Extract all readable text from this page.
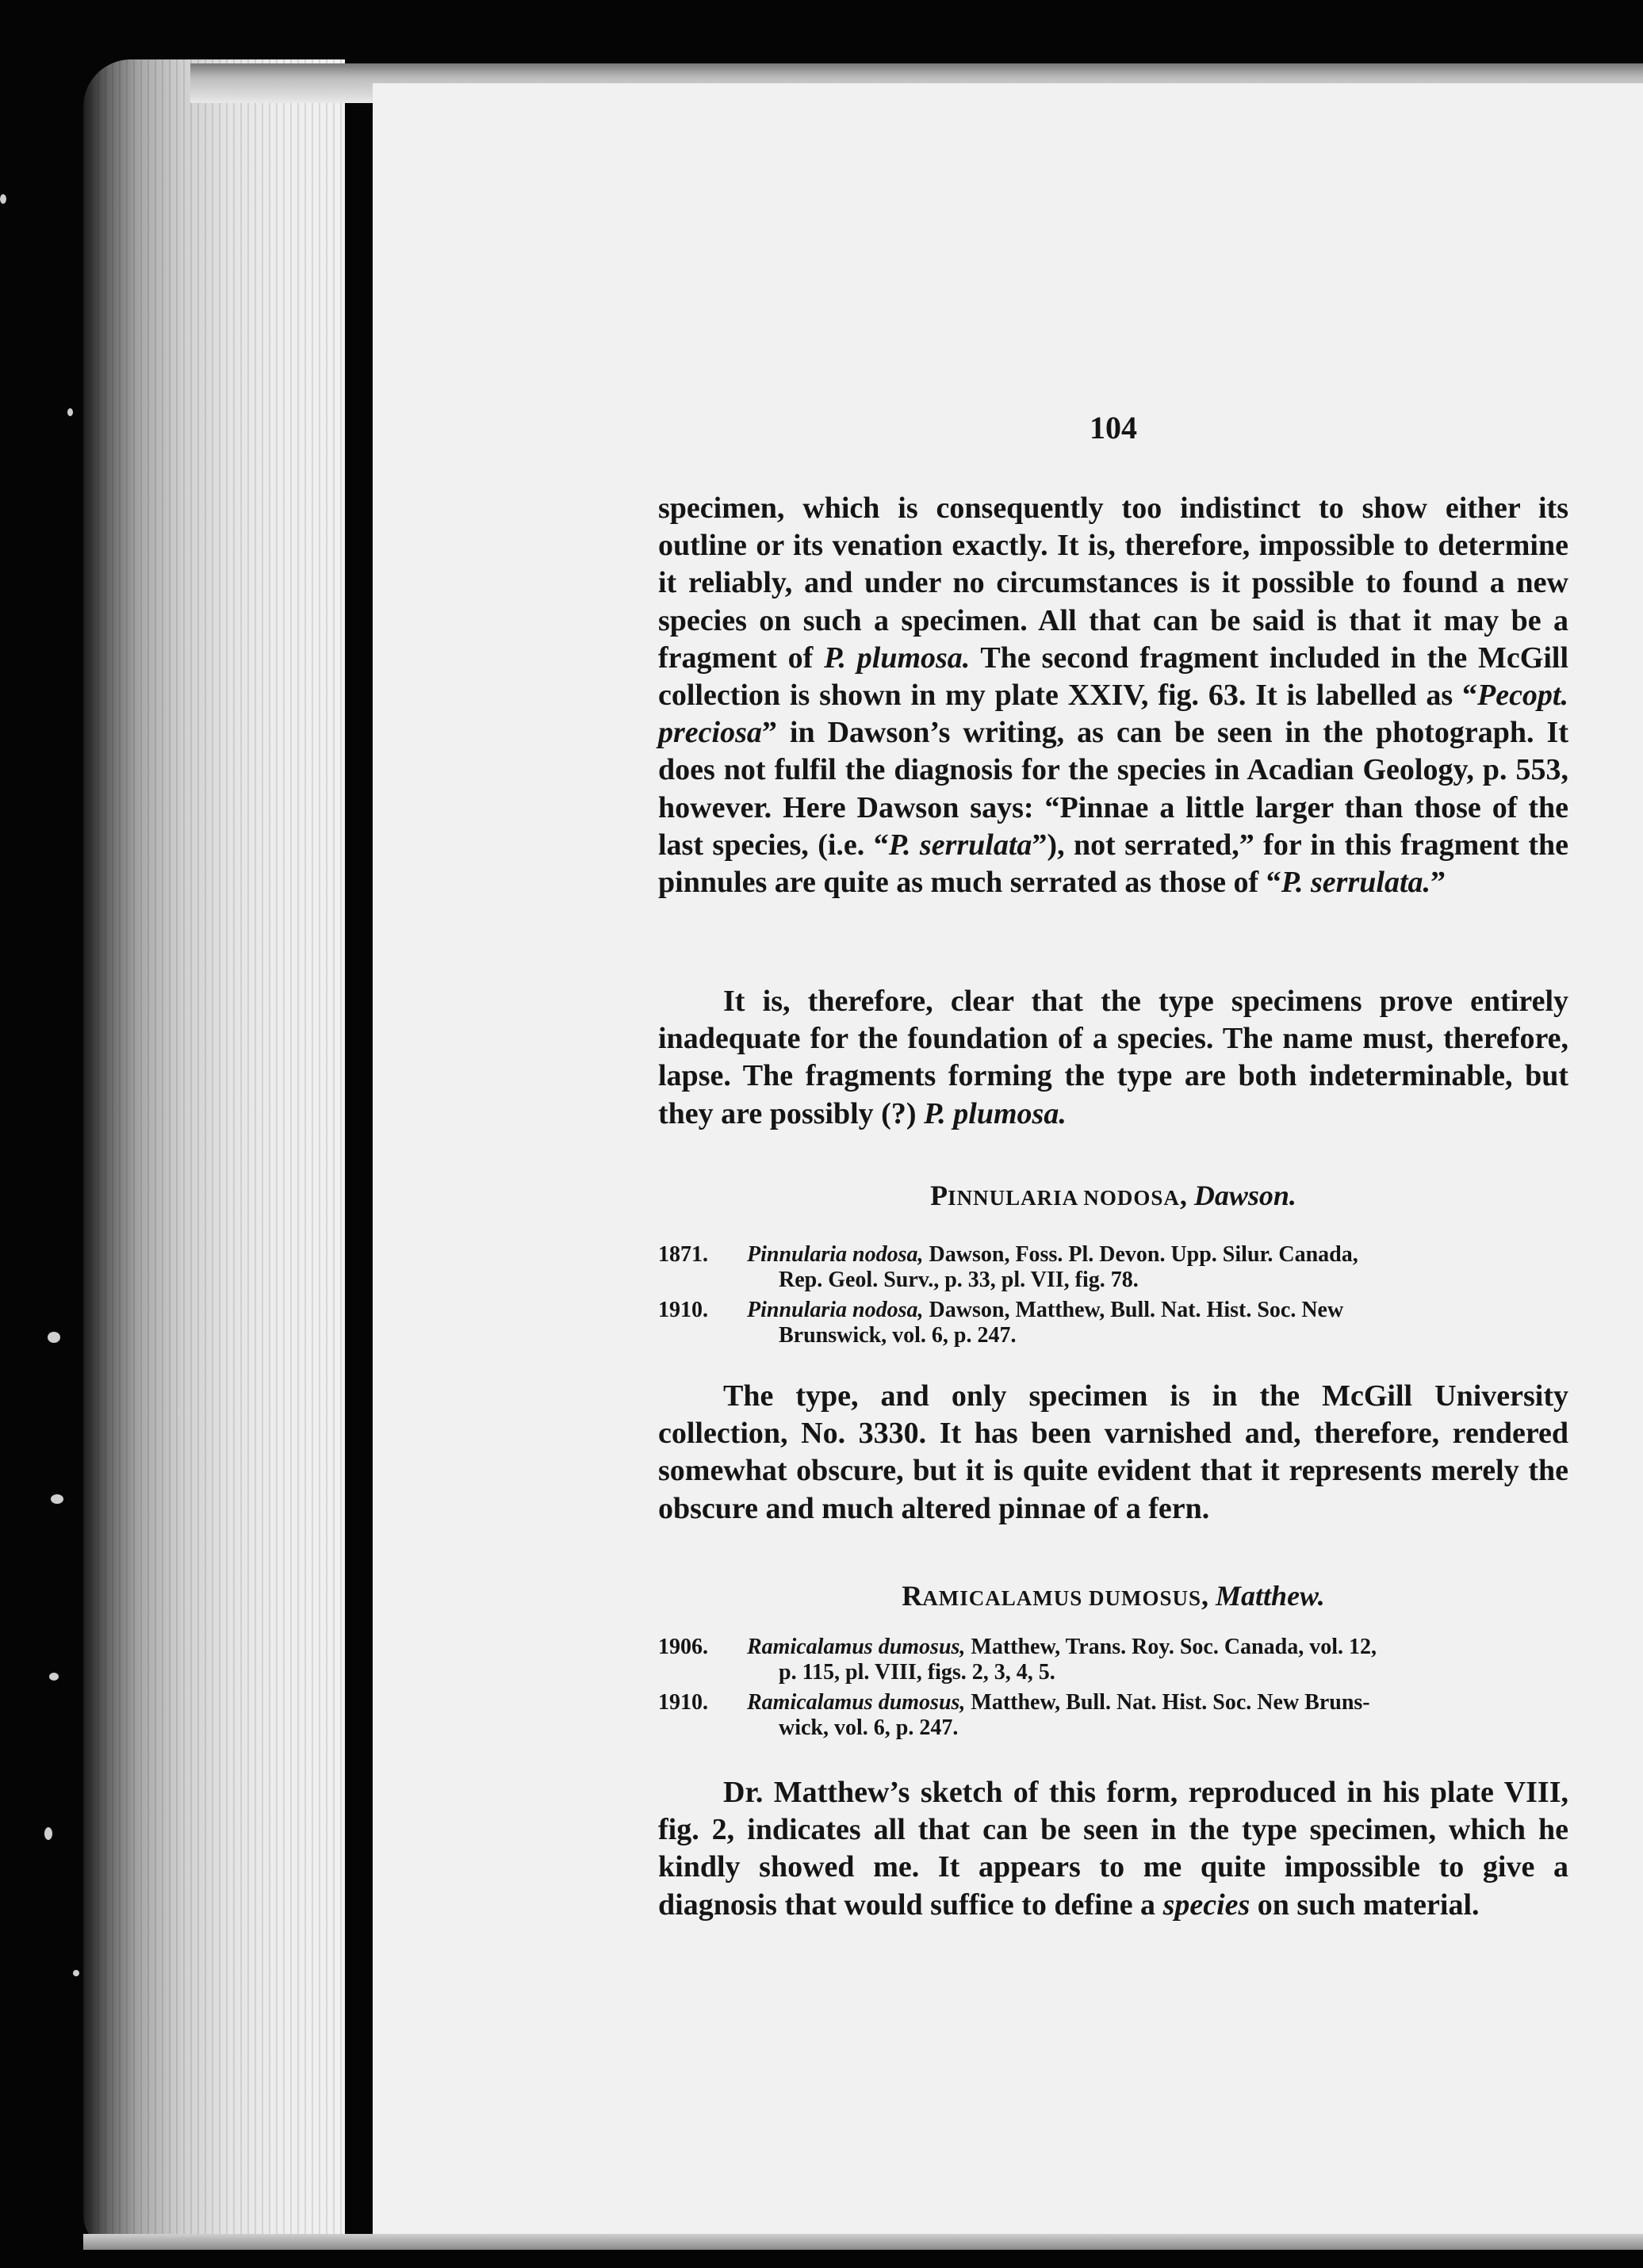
104

specimen, which is consequently too indistinct to show either its outline or its venation exactly. It is, therefore, impossible to determine it reliably, and under no circumstances is it possible to found a new species on such a specimen. All that can be said is that it may be a fragment of P. plumosa. The second fragment included in the McGill collection is shown in my plate XXIV, fig. 63. It is labelled as “Pecopt. preciosa” in Dawson’s writing, as can be seen in the photograph. It does not fulfil the diagnosis for the species in Acadian Geology, p. 553, however. Here Dawson says: “Pinnae a little larger than those of the last species, (i.e. “P. serrulata”), not serrated,” for in this fragment the pinnules are quite as much serrated as those of “P. serrulata.”

It is, therefore, clear that the type specimens prove entirely inadequate for the foundation of a species. The name must, therefore, lapse. The fragments forming the type are both indeterminable, but they are possibly (?) P. plumosa.

PINNULARIA NODOSA, Dawson.
1871.	Pinnularia nodosa, Dawson, Foss. Pl. Devon. Upp. Silur. Canada,
Rep. Geol. Surv., p. 33, pl. VII, fig. 78.
1910.	Pinnularia nodosa, Dawson, Matthew, Bull. Nat. Hist. Soc. New
Brunswick, vol. 6, p. 247.

The type, and only specimen is in the McGill University collection, No. 3330. It has been varnished and, therefore, rendered somewhat obscure, but it is quite evident that it represents merely the obscure and much altered pinnae of a fern.

RAMICALAMUS DUMOSUS, Matthew.
1906.	Ramicalamus dumosus, Matthew, Trans. Roy. Soc. Canada, vol. 12,
p. 115, pl. VIII, figs. 2, 3, 4, 5.
1910.	Ramicalamus dumosus, Matthew, Bull. Nat. Hist. Soc. New Bruns-
wick, vol. 6, p. 247.

Dr. Matthew’s sketch of this form, reproduced in his plate VIII, fig. 2, indicates all that can be seen in the type specimen, which he kindly showed me. It appears to me quite impossible to give a diagnosis that would suffice to define a species on such material.
